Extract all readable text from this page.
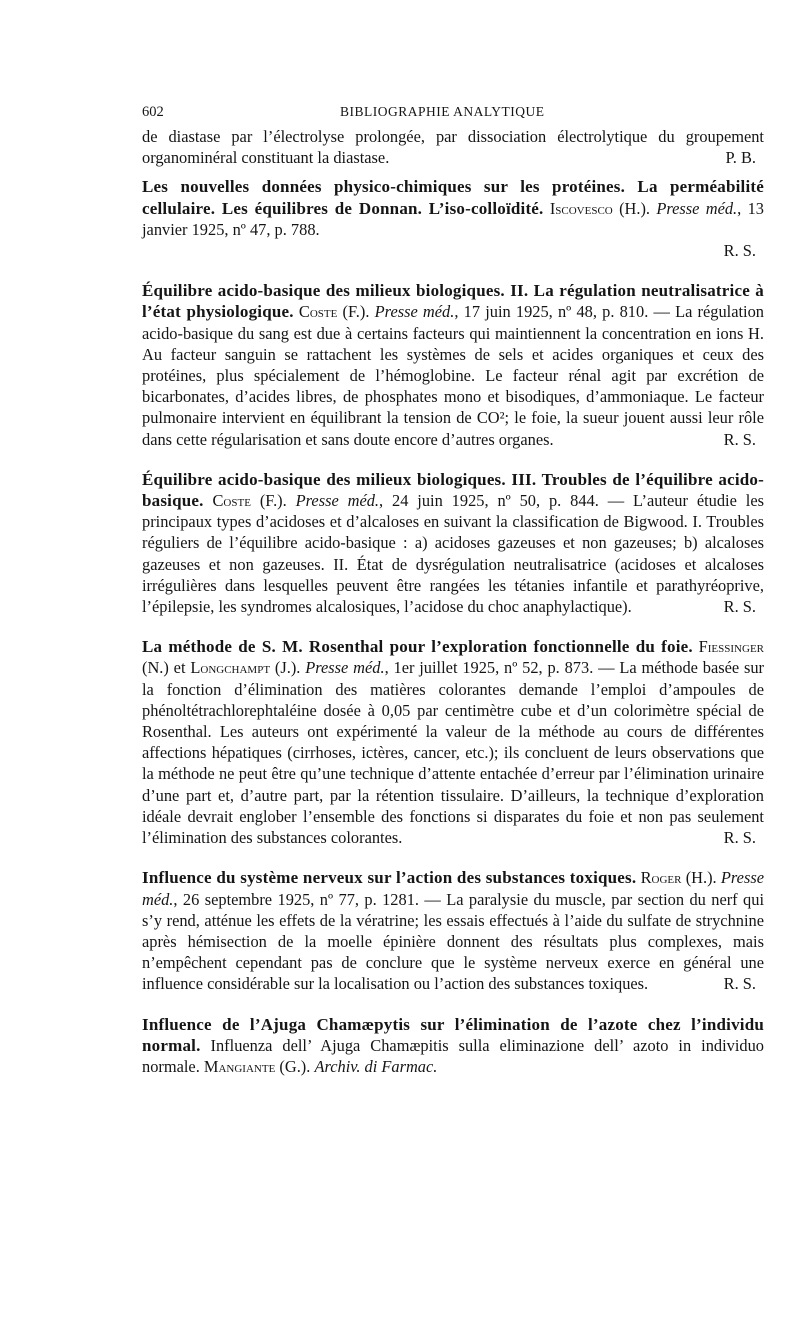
602	BIBLIOGRAPHIE ANALYTIQUE

de diastase par l’électrolyse prolongée, par dissociation électrolytique du groupement organominéral constituant la diastase.	P. B.

Les nouvelles données physico-chimiques sur les protéines. La perméabilité cellulaire. Les équilibres de Donnan. L’iso-colloïdité. Iscovesco (H.). Presse méd., 13 janvier 1925, nº 47, p. 788.
R. S.

Équilibre acido-basique des milieux biologiques. II. La régulation neutralisatrice à l’état physiologique. Coste (F.). Presse méd., 17 juin 1925, nº 48, p. 810. — La régulation acido-basique du sang est due à certains facteurs qui maintiennent la concentration en ions H. Au facteur sanguin se rattachent les systèmes de sels et acides organiques et ceux des protéines, plus spécialement de l’hémoglobine. Le facteur rénal agit par excrétion de bicarbonates, d’acides libres, de phosphates mono et bisodiques, d’ammoniaque. Le facteur pulmonaire intervient en équilibrant la tension de CO²; le foie, la sueur jouent aussi leur rôle dans cette régularisation et sans doute encore d’autres organes.	R. S.

Équilibre acido-basique des milieux biologiques. III. Troubles de l’équilibre acido-basique. Coste (F.). Presse méd., 24 juin 1925, nº 50, p. 844. — L’auteur étudie les principaux types d’acidoses et d’alcaloses en suivant la classification de Bigwood. I. Troubles réguliers de l’équilibre acido-basique : a) acidoses gazeuses et non gazeuses; b) alcaloses gazeuses et non gazeuses. II. État de dysrégulation neutralisatrice (acidoses et alcaloses irrégulières dans lesquelles peuvent être rangées les tétanies infantile et parathyréoprive, l’épilepsie, les syndromes alcalosiques, l’acidose du choc anaphylactique).	R. S.

La méthode de S. M. Rosenthal pour l’exploration fonctionnelle du foie. Fiessinger (N.) et Longchampt (J.). Presse méd., 1er juillet 1925, nº 52, p. 873. — La méthode basée sur la fonction d’élimination des matières colorantes demande l’emploi d’ampoules de phénoltétrachlorephtaléine dosée à 0,05 par centimètre cube et d’un colorimètre spécial de Rosenthal. Les auteurs ont expérimenté la valeur de la méthode au cours de différentes affections hépatiques (cirrhoses, ictères, cancer, etc.); ils concluent de leurs observations que la méthode ne peut être qu’une technique d’attente entachée d’erreur par l’élimination urinaire d’une part et, d’autre part, par la rétention tissulaire. D’ailleurs, la technique d’exploration idéale devrait englober l’ensemble des fonctions si disparates du foie et non pas seulement l’élimination des substances colorantes.	R. S.

Influence du système nerveux sur l’action des substances toxiques. Roger (H.). Presse méd., 26 septembre 1925, nº 77, p. 1281. — La paralysie du muscle, par section du nerf qui s’y rend, atténue les effets de la vératrine; les essais effectués à l’aide du sulfate de strychnine après hémisection de la moelle épinière donnent des résultats plus complexes, mais n’empêchent cependant pas de conclure que le système nerveux exerce en général une influence considérable sur la localisation ou l’action des substances toxiques.	R. S.

Influence de l’Ajuga Chamæpytis sur l’élimination de l’azote chez l’individu normal. Influenza dell’ Ajuga Chamæpitis sulla eliminazione dell’ azoto in individuo normale. Mangiante (G.). Archiv. di Farmac.
